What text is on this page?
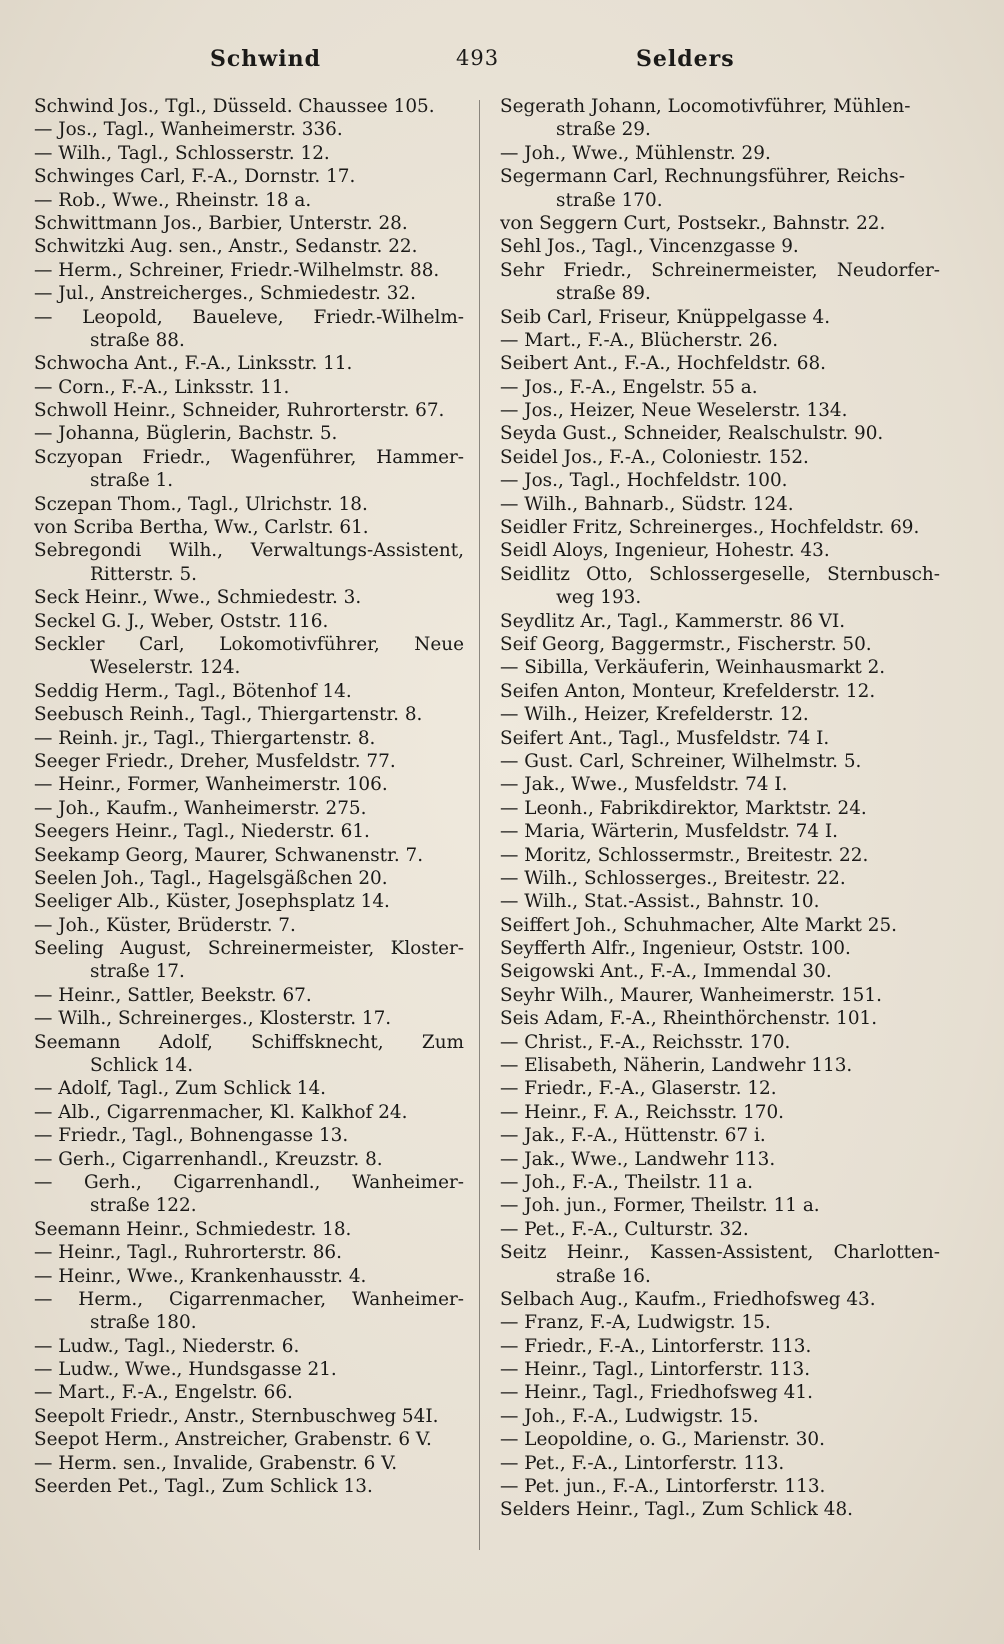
Schwind	493	Selders
Schwind Jos., Tgl., Düsseld. Chaussee 105.
— Jos., Tagl., Wanheimerstr. 336.
— Wilh., Tagl., Schlosserstr. 12.
Schwinges Carl, F.-A., Dornstr. 17.
— Rob., Wwe., Rheinstr. 18 a.
Schwittmann Jos., Barbier, Unterstr. 28.
Schwitzki Aug. sen., Anstr., Sedanstr. 22.
— Herm., Schreiner, Friedr.-Wilhelmstr. 88.
— Jul., Anstreicherges., Schmiedestr. 32.
— Leopold, Baueleve, Friedr.-Wilhelm-
straße 88.
Schwocha Ant., F.-A., Linksstr. 11.
— Corn., F.-A., Linksstr. 11.
Schwoll Heinr., Schneider, Ruhrorterstr. 67.
— Johanna, Büglerin, Bachstr. 5.
Sczyopan Friedr., Wagenführer, Hammer-
straße 1.
Sczepan Thom., Tagl., Ulrichstr. 18.
von Scriba Bertha, Ww., Carlstr. 61.
Sebregondi Wilh., Verwaltungs-Assistent,
Ritterstr. 5.
Seck Heinr., Wwe., Schmiedestr. 3.
Seckel G. J., Weber, Oststr. 116.
Seckler Carl, Lokomotivführer, Neue
Weselerstr. 124.
Seddig Herm., Tagl., Bötenhof 14.
Seebusch Reinh., Tagl., Thiergartenstr. 8.
— Reinh. jr., Tagl., Thiergartenstr. 8.
Seeger Friedr., Dreher, Musfeldstr. 77.
— Heinr., Former, Wanheimerstr. 106.
— Joh., Kaufm., Wanheimerstr. 275.
Seegers Heinr., Tagl., Niederstr. 61.
Seekamp Georg, Maurer, Schwanenstr. 7.
Seelen Joh., Tagl., Hagelsgäßchen 20.
Seeliger Alb., Küster, Josephsplatz 14.
— Joh., Küster, Brüderstr. 7.
Seeling August, Schreinermeister, Kloster-
straße 17.
— Heinr., Sattler, Beekstr. 67.
— Wilh., Schreinerges., Klosterstr. 17.
Seemann Adolf, Schiffsknecht, Zum
Schlick 14.
— Adolf, Tagl., Zum Schlick 14.
— Alb., Cigarrenmacher, Kl. Kalkhof 24.
— Friedr., Tagl., Bohnengasse 13.
— Gerh., Cigarrenhandl., Kreuzstr. 8.
— Gerh., Cigarrenhandl., Wanheimer-
straße 122.
Seemann Heinr., Schmiedestr. 18.
— Heinr., Tagl., Ruhrorterstr. 86.
— Heinr., Wwe., Krankenhausstr. 4.
— Herm., Cigarrenmacher, Wanheimer-
straße 180.
— Ludw., Tagl., Niederstr. 6.
— Ludw., Wwe., Hundsgasse 21.
— Mart., F.-A., Engelstr. 66.
Seepolt Friedr., Anstr., Sternbuschweg 54I.
Seepot Herm., Anstreicher, Grabenstr. 6 V.
— Herm. sen., Invalide, Grabenstr. 6 V.
Seerden Pet., Tagl., Zum Schlick 13.
Segerath Johann, Locomotivführer, Mühlen-
straße 29.
— Joh., Wwe., Mühlenstr. 29.
Segermann Carl, Rechnungsführer, Reichs-
straße 170.
von Seggern Curt, Postsekr., Bahnstr. 22.
Sehl Jos., Tagl., Vincenzgasse 9.
Sehr Friedr., Schreinermeister, Neudorfer-
straße 89.
Seib Carl, Friseur, Knüppelgasse 4.
— Mart., F.-A., Blücherstr. 26.
Seibert Ant., F.-A., Hochfeldstr. 68.
— Jos., F.-A., Engelstr. 55 a.
— Jos., Heizer, Neue Weselerstr. 134.
Seyda Gust., Schneider, Realschulstr. 90.
Seidel Jos., F.-A., Coloniestr. 152.
— Jos., Tagl., Hochfeldstr. 100.
— Wilh., Bahnarb., Südstr. 124.
Seidler Fritz, Schreinerges., Hochfeldstr. 69.
Seidl Aloys, Ingenieur, Hohestr. 43.
Seidlitz Otto, Schlossergeselle, Sternbusch-
weg 193.
Seydlitz Ar., Tagl., Kammerstr. 86 VI.
Seif Georg, Baggermstr., Fischerstr. 50.
— Sibilla, Verkäuferin, Weinhausmarkt 2.
Seifen Anton, Monteur, Krefelderstr. 12.
— Wilh., Heizer, Krefelderstr. 12.
Seifert Ant., Tagl., Musfeldstr. 74 I.
— Gust. Carl, Schreiner, Wilhelmstr. 5.
— Jak., Wwe., Musfeldstr. 74 I.
— Leonh., Fabrikdirektor, Marktstr. 24.
— Maria, Wärterin, Musfeldstr. 74 I.
— Moritz, Schlossermstr., Breitestr. 22.
— Wilh., Schlosserges., Breitestr. 22.
— Wilh., Stat.-Assist., Bahnstr. 10.
Seiffert Joh., Schuhmacher, Alte Markt 25.
Seyfferth Alfr., Ingenieur, Oststr. 100.
Seigowski Ant., F.-A., Immendal 30.
Seyhr Wilh., Maurer, Wanheimerstr. 151.
Seis Adam, F.-A., Rheinthörchenstr. 101.
— Christ., F.-A., Reichsstr. 170.
— Elisabeth, Näherin, Landwehr 113.
— Friedr., F.-A., Glaserstr. 12.
— Heinr., F. A., Reichsstr. 170.
— Jak., F.-A., Hüttenstr. 67 i.
— Jak., Wwe., Landwehr 113.
— Joh., F.-A., Theilstr. 11 a.
— Joh. jun., Former, Theilstr. 11 a.
— Pet., F.-A., Culturstr. 32.
Seitz Heinr., Kassen-Assistent, Charlotten-
straße 16.
Selbach Aug., Kaufm., Friedhofsweg 43.
— Franz, F.-A, Ludwigstr. 15.
— Friedr., F.-A., Lintorferstr. 113.
— Heinr., Tagl., Lintorferstr. 113.
— Heinr., Tagl., Friedhofsweg 41.
— Joh., F.-A., Ludwigstr. 15.
— Leopoldine, o. G., Marienstr. 30.
— Pet., F.-A., Lintorferstr. 113.
— Pet. jun., F.-A., Lintorferstr. 113.
Selders Heinr., Tagl., Zum Schlick 48.
